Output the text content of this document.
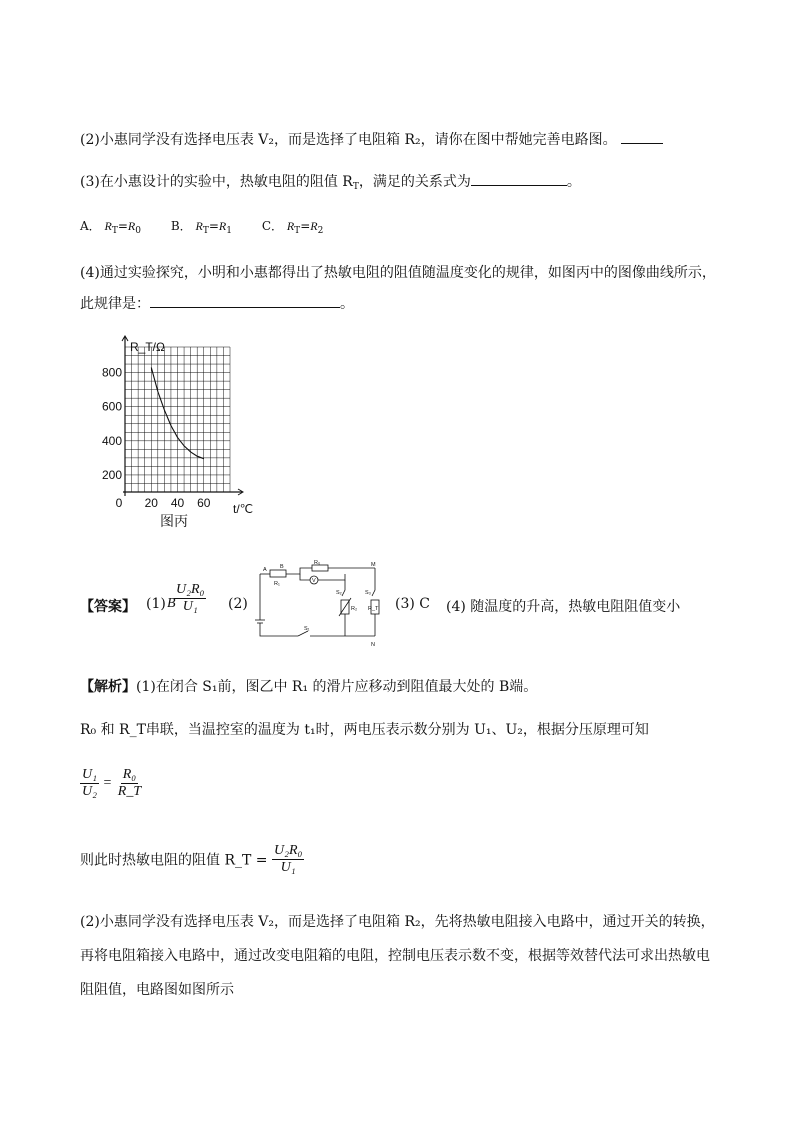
(2)小惠同学没有选择电压表 V₂，而是选择了电阻箱 R₂，请你在图中帮她完善电路图。
(3)在小惠设计的实验中，热敏电阻的阻值 $R_T$，满足的关系式为	。
A． $R_T=R_0$ B． $R_T=R_1$ C． $R_T=R_2$
(4)通过实验探究，小明和小惠都得出了热敏电阻的阻值随温度变化的规律，如图丙中的图像曲线所示，
此规律是：	。
200
400
600
800
0 20 40 60
R_T/Ω
t/℃
图丙
【答案】 (1) B
$\frac{\text{U₂R₀}}{\text{U₁}} (2)$	(3) C (4) 随温度的升高，热敏电阻阻值变小
A B
R₁
R₀
V
S₂	S₃
R₂ R_T
M
N
S₁
【解析】(1)在闭合 S₁前，图乙中 R₁ 的滑片应移动到阻值最大处的 B端。
R₀ 和 R_T串联，当温控室的温度为 t₁时，两电压表示数分别为 U₁、U₂，根据分压原理可知
$\frac{\text{U₁}}{\text{U₂}} = \frac{\text{R₀}}{R\_T}$
则此时热敏电阻的阻值 R_T = $\frac{\text{U₂R₀}}{\text{U₁}}$
(2)小惠同学没有选择电压表 V₂，而是选择了电阻箱 R₂，先将热敏电阻接入电路中，通过开关的转换，
再将电阻箱接入电路中，通过改变电阻箱的电阻，控制电压表示数不变，根据等效替代法可求出热敏电
阻阻值，电路图如图所示
